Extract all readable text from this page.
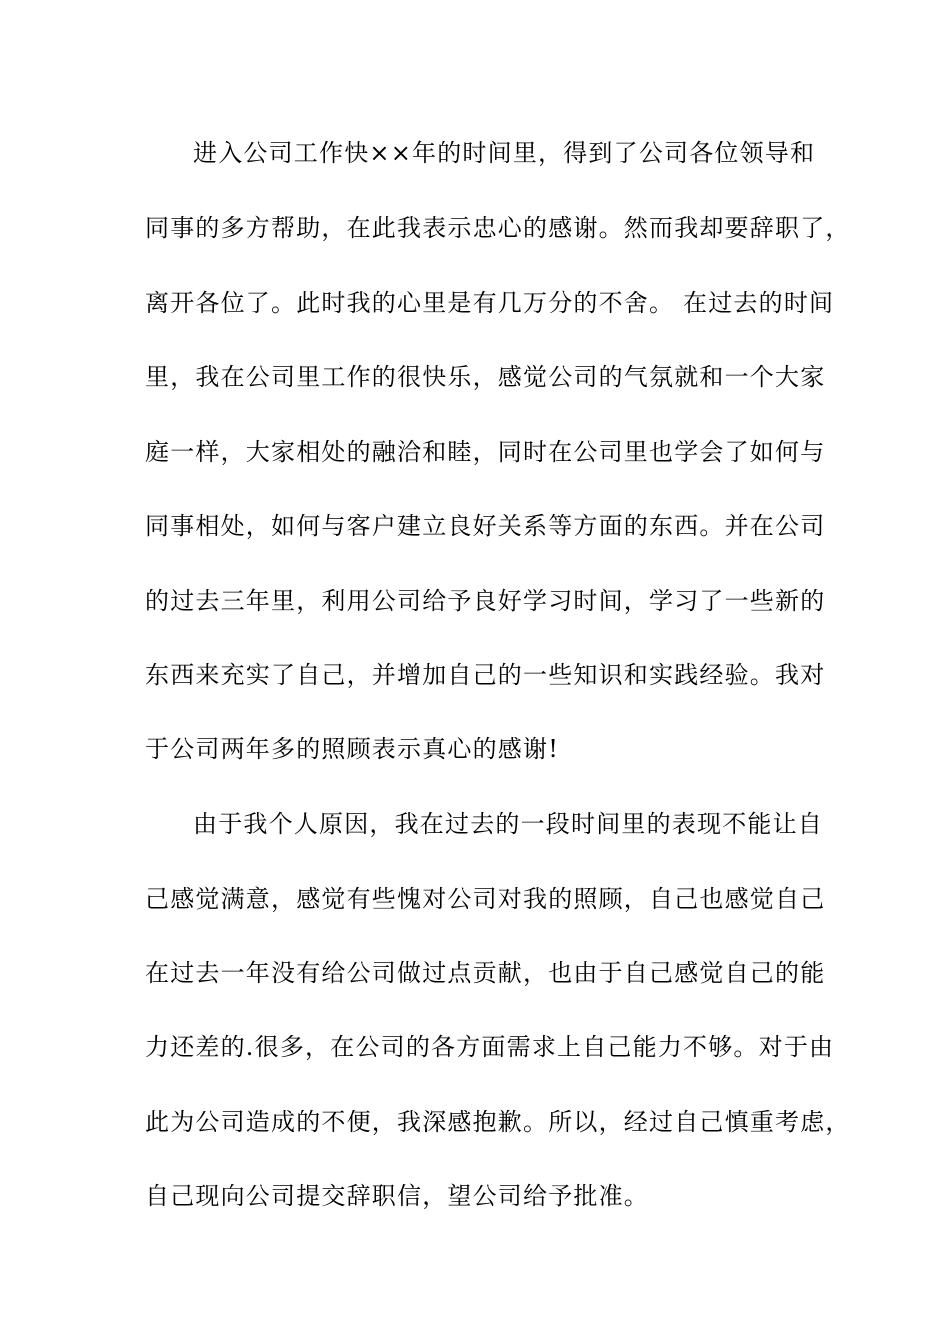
进入公司工作快××年的时间里，得到了公司各位领导和
同事的多方帮助，在此我表示忠心的感谢。然而我却要辞职了，
离开各位了。此时我的心里是有几万分的不舍。 在过去的时间
里，我在公司里工作的很快乐，感觉公司的气氛就和一个大家
庭一样，大家相处的融洽和睦，同时在公司里也学会了如何与
同事相处，如何与客户建立良好关系等方面的东西。并在公司
的过去三年里，利用公司给予良好学习时间，学习了一些新的
东西来充实了自己，并增加自己的一些知识和实践经验。我对
于公司两年多的照顾表示真心的感谢!
由于我个人原因，我在过去的一段时间里的表现不能让自
己感觉满意，感觉有些愧对公司对我的照顾，自己也感觉自己
在过去一年没有给公司做过点贡献，也由于自己感觉自己的能
力还差的.很多，在公司的各方面需求上自己能力不够。对于由
此为公司造成的不便，我深感抱歉。所以，经过自己慎重考虑，
自己现向公司提交辞职信，望公司给予批准。
